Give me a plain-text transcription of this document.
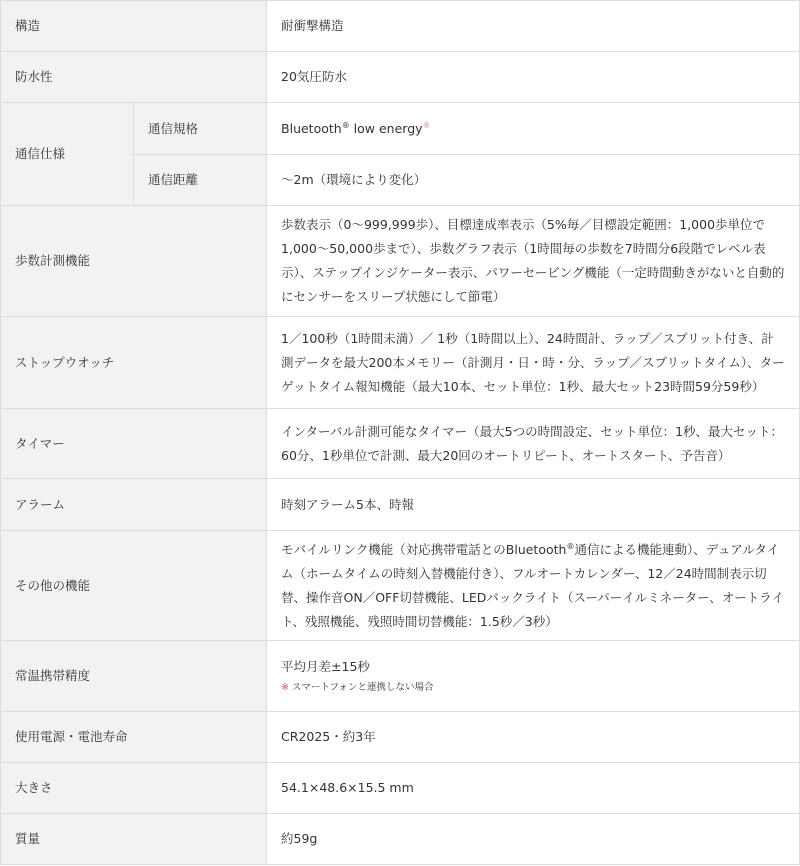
構造		耐衝撃構造
防水性		20気圧防水
通信仕様	通信規格	Bluetooth® low energy※
	通信距離	～2m（環境により変化）
歩数計測機能		歩数表示（0～999,999歩）、目標達成率表示（5%毎／目標設定範囲：1,000歩単位で1,000～50,000歩まで）、歩数グラフ表示（1時間毎の歩数を7時間分6段階でレベル表示）、ステップインジケーター表示、パワーセービング機能（一定時間動きがないと自動的にセンサーをスリープ状態にして節電）
ストップウオッチ		1／100秒（1時間未満）／ 1秒（1時間以上）、24時間計、ラップ／スプリット付き、計測データを最大200本メモリー（計測月・日・時・分、ラップ／スプリットタイム）、ターゲットタイム報知機能（最大10本、セット単位：1秒、最大セット23時間59分59秒）
タイマー		インターバル計測可能なタイマー（最大5つの時間設定、セット単位：1秒、最大セット：60分、1秒単位で計測、最大20回のオートリピート、オートスタート、予告音）
アラーム		時刻アラーム5本、時報
その他の機能		モバイルリンク機能（対応携帯電話とのBluetooth®通信による機能連動）、デュアルタイム（ホームタイムの時刻入替機能付き）、フルオートカレンダー、12／24時間制表示切替、操作音ON／OFF切替機能、LEDバックライト（スーパーイルミネーター、オートライト、残照機能、残照時間切替機能：1.5秒／3秒）
常温携帯精度		平均月差±15秒
※ スマートフォンと連携しない場合

使用電源・電池寿命		CR2025・約3年
大きさ		54.1×48.6×15.5 mm
質量		約59g
